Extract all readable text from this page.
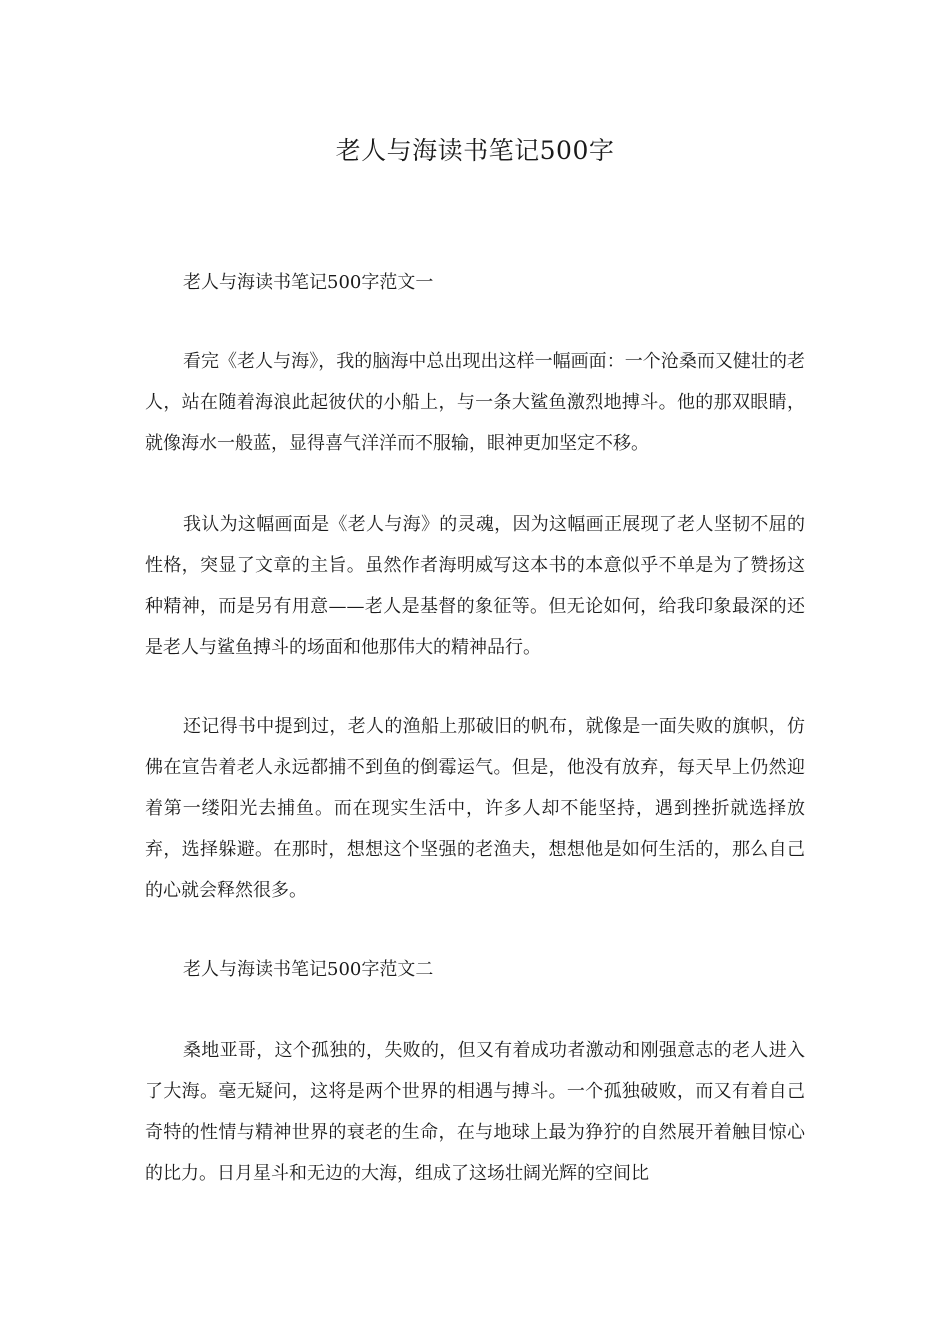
老人与海读书笔记500字
老人与海读书笔记500字范文一

看完《老人与海》，我的脑海中总出现出这样一幅画面：一个沧桑而又健壮的老人，站在随着海浪此起彼伏的小船上，与一条大鲨鱼激烈地搏斗。他的那双眼睛，就像海水一般蓝，显得喜气洋洋而不服输，眼神更加坚定不移。

我认为这幅画面是《老人与海》的灵魂，因为这幅画正展现了老人坚韧不屈的性格，突显了文章的主旨。虽然作者海明威写这本书的本意似乎不单是为了赞扬这种精神，而是另有用意——老人是基督的象征等。但无论如何，给我印象最深的还是老人与鲨鱼搏斗的场面和他那伟大的精神品行。

还记得书中提到过，老人的渔船上那破旧的帆布，就像是一面失败的旗帜，仿佛在宣告着老人永远都捕不到鱼的倒霉运气。但是，他没有放弃，每天早上仍然迎着第一缕阳光去捕鱼。而在现实生活中，许多人却不能坚持，遇到挫折就选择放弃，选择躲避。在那时，想想这个坚强的老渔夫，想想他是如何生活的，那么自己的心就会释然很多。

老人与海读书笔记500字范文二

桑地亚哥，这个孤独的，失败的，但又有着成功者激动和刚强意志的老人进入了大海。毫无疑问，这将是两个世界的相遇与搏斗。一个孤独破败，而又有着自己奇特的性情与精神世界的衰老的生命，在与地球上最为狰狞的自然展开着触目惊心的比力。日月星斗和无边的大海，组成了这场壮阔光辉的空间比
